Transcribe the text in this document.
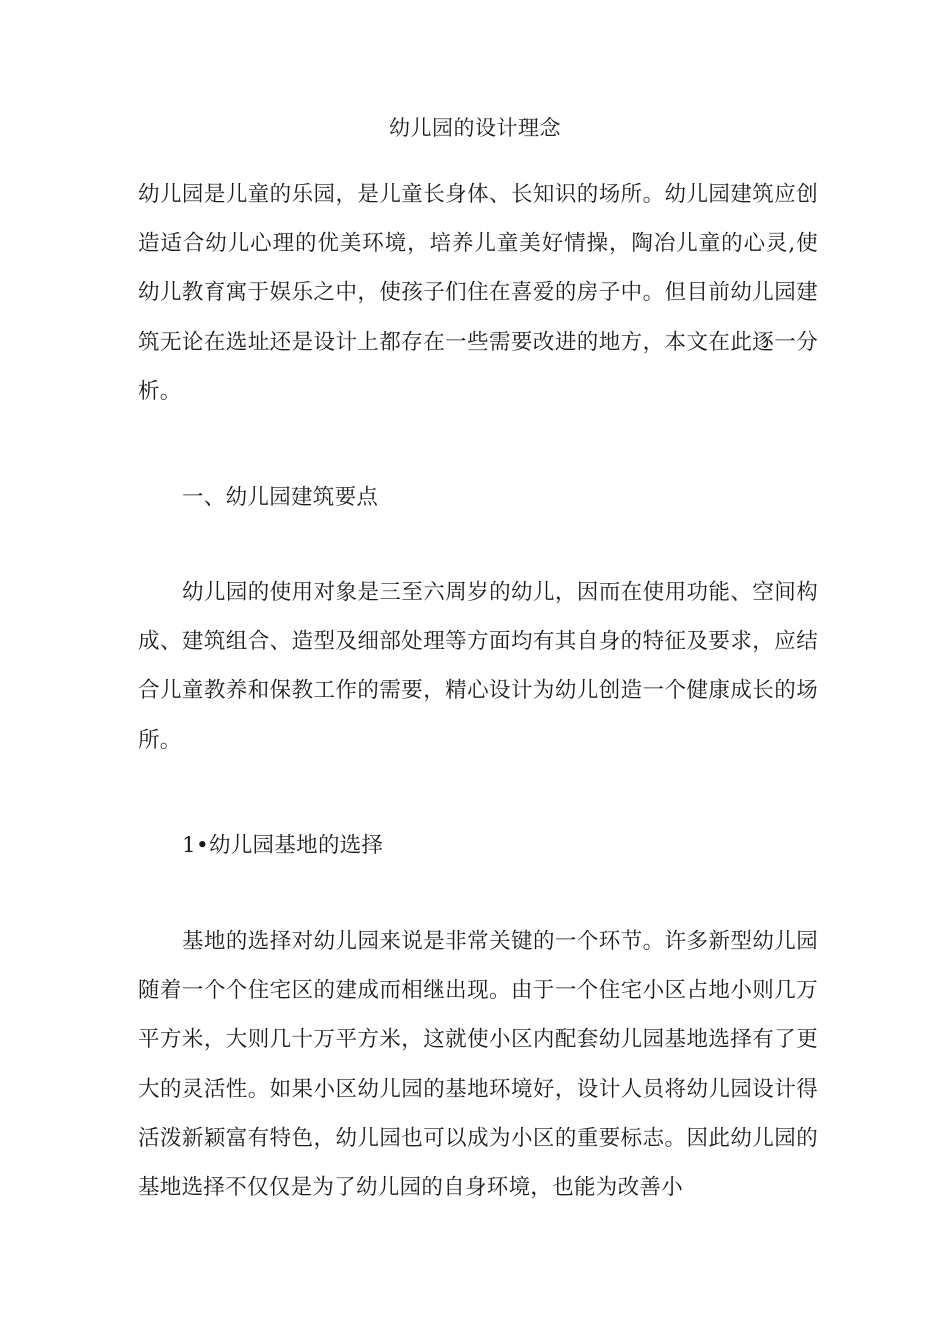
幼儿园的设计理念

幼儿园是儿童的乐园，是儿童长身体、长知识的场所。幼儿园建筑应创造适合幼儿心理的优美环境，培养儿童美好情操，陶冶儿童的心灵,使幼儿教育寓于娱乐之中，使孩子们住在喜爱的房子中。但目前幼儿园建筑无论在选址还是设计上都存在一些需要改进的地方，本文在此逐一分析。

一、幼儿园建筑要点

幼儿园的使用对象是三至六周岁的幼儿，因而在使用功能、空间构成、建筑组合、造型及细部处理等方面均有其自身的特征及要求，应结合儿童教养和保教工作的需要，精心设计为幼儿创造一个健康成长的场所。

1•幼儿园基地的选择

基地的选择对幼儿园来说是非常关键的一个环节。许多新型幼儿园随着一个个住宅区的建成而相继出现。由于一个住宅小区占地小则几万平方米，大则几十万平方米，这就使小区内配套幼儿园基地选择有了更大的灵活性。如果小区幼儿园的基地环境好，设计人员将幼儿园设计得活泼新颖富有特色，幼儿园也可以成为小区的重要标志。因此幼儿园的基地选择不仅仅是为了幼儿园的自身环境，也能为改善小
